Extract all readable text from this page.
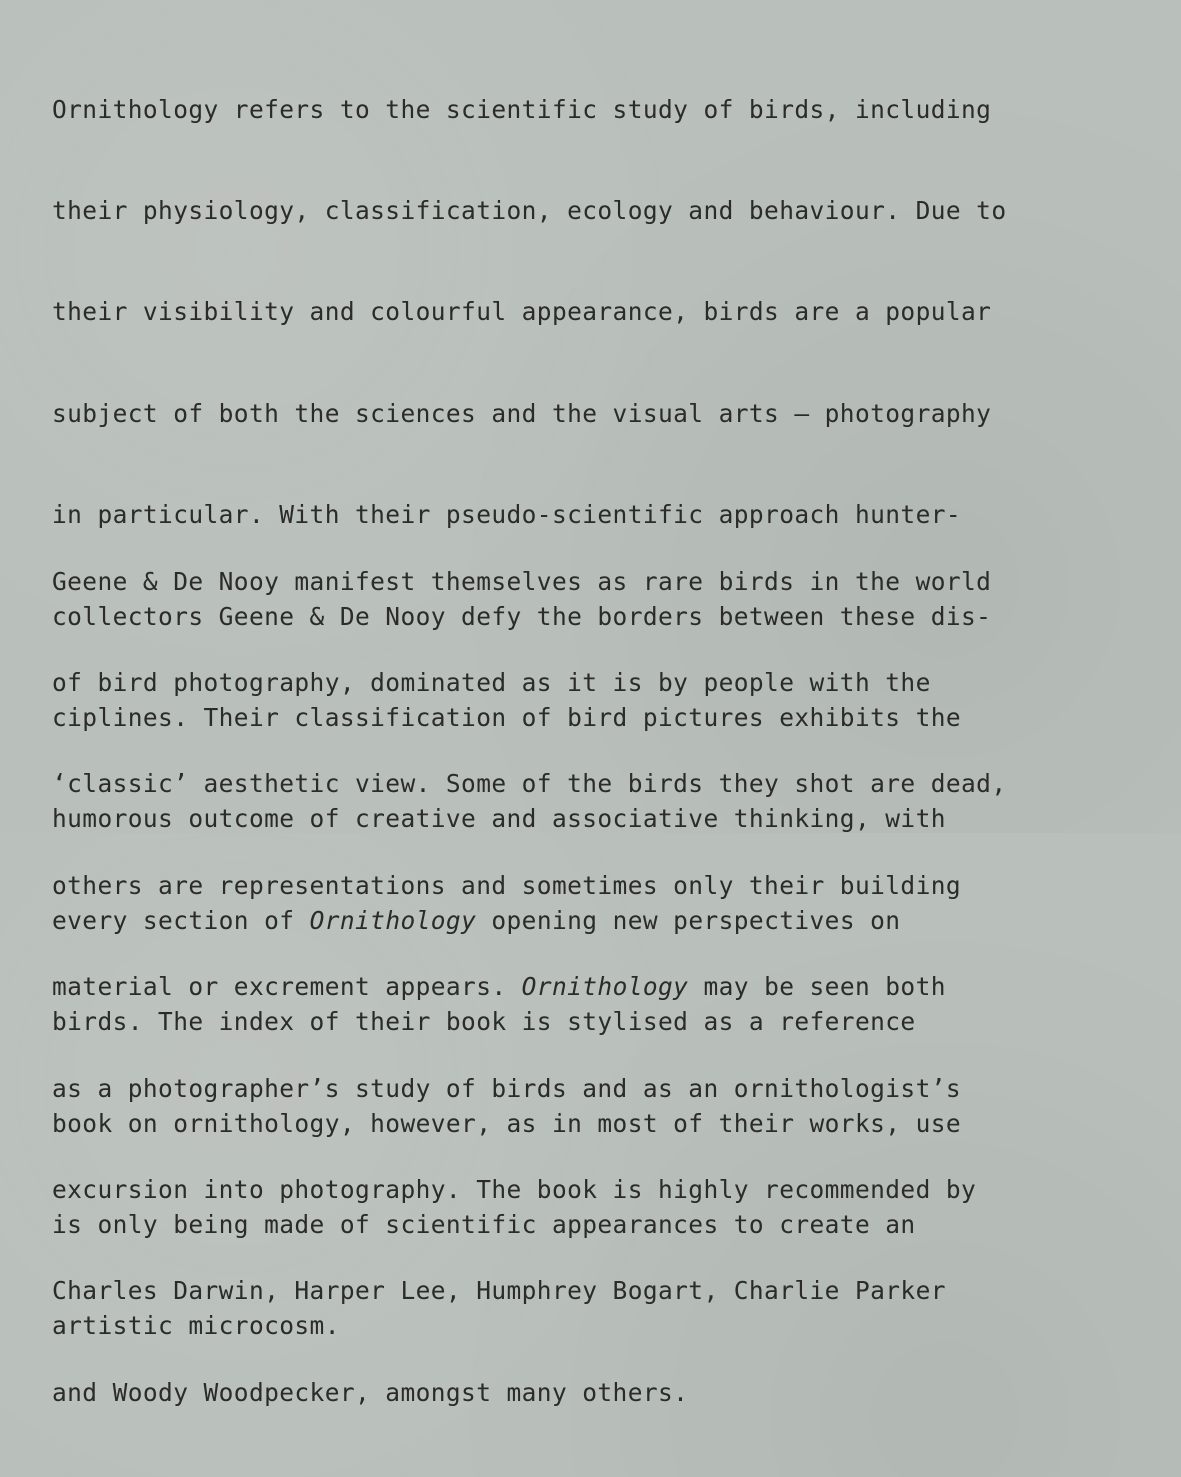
Ornithology refers to the scientific study of birds, including

their physiology, classification, ecology and behaviour. Due to

their visibility and colourful appearance, birds are a popular

subject of both the sciences and the visual arts – photography

in particular. With their pseudo-scientific approach hunter-

collectors Geene & De Nooy defy the borders between these dis-

ciplines. Their classification of bird pictures exhibits the

humorous outcome of creative and associative thinking, with

every section of Ornithology opening new perspectives on

birds. The index of their book is stylised as a reference

book on ornithology, however, as in most of their works, use

is only being made of scientific appearances to create an

artistic microcosm.

Geene & De Nooy manifest themselves as rare birds in the world

of bird photography, dominated as it is by people with the

‘classic’ aesthetic view. Some of the birds they shot are dead,

others are representations and sometimes only their building

material or excrement appears. Ornithology may be seen both

as a photographer’s study of birds and as an ornithologist’s

excursion into photography. The book is highly recommended by

Charles Darwin, Harper Lee, Humphrey Bogart, Charlie Parker

and Woody Woodpecker, amongst many others.
